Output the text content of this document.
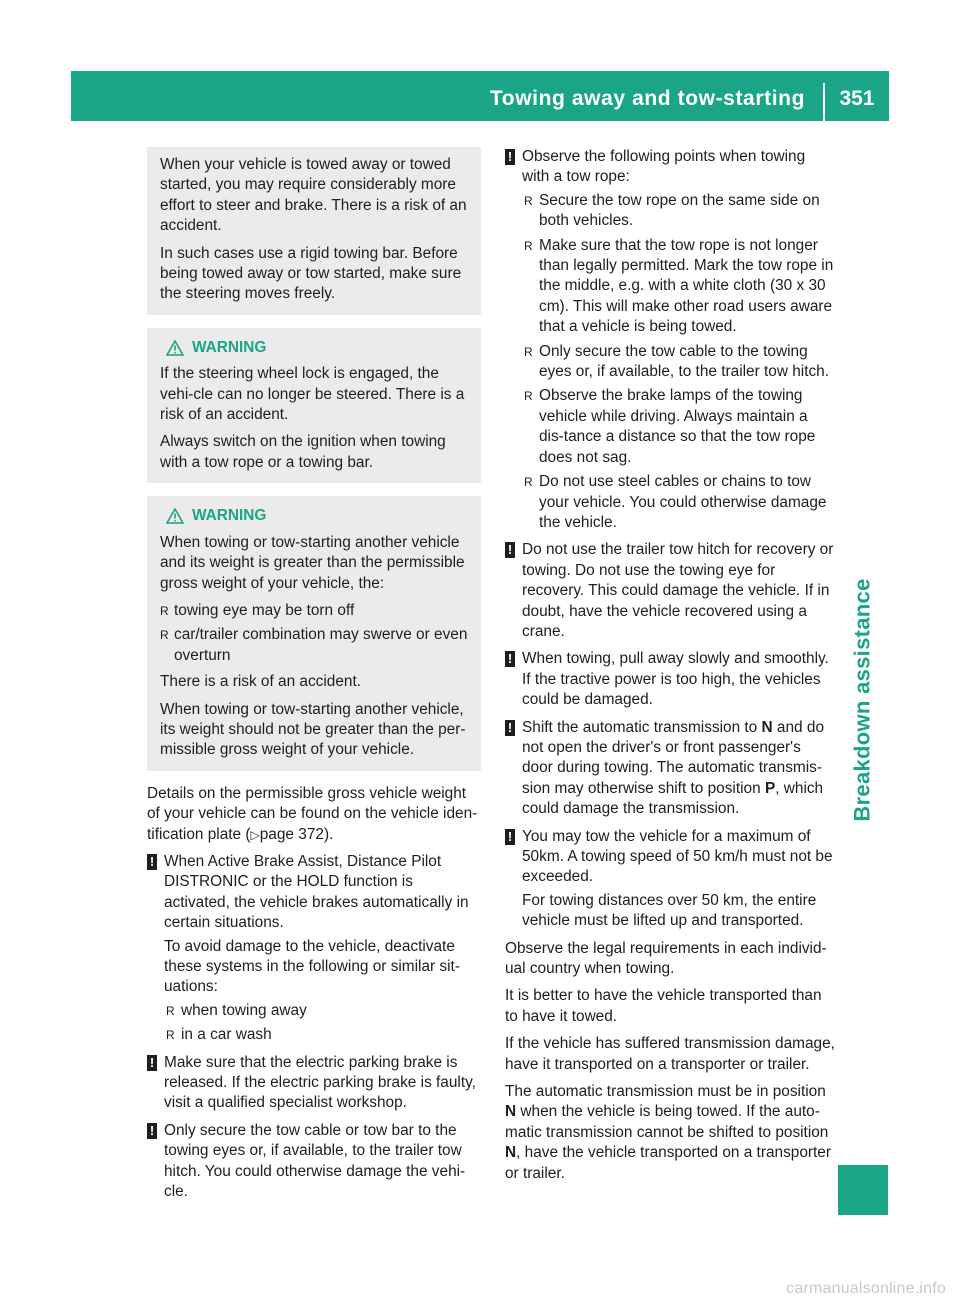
Towing away and tow-starting	351
Breakdown assistance

When your vehicle is towed away or towed started, you may require considerably more effort to steer and brake. There is a risk of an accident.

In such cases use a rigid towing bar. Before being towed away or tow started, make sure the steering moves freely.

WARNING

If the steering wheel lock is engaged, the vehi-cle can no longer be steered. There is a risk of an accident.

Always switch on the ignition when towing with a tow rope or a towing bar.

WARNING

When towing or tow-starting another vehicle and its weight is greater than the permissible gross weight of your vehicle, the:

R towing eye may be torn off
R car/trailer combination may swerve or even overturn

There is a risk of an accident.

When towing or tow-starting another vehicle, its weight should not be greater than the per-missible gross weight of your vehicle.

Details on the permissible gross vehicle weight of your vehicle can be found on the vehicle iden-tification plate (▷page 372).

! When Active Brake Assist, Distance Pilot DISTRONIC or the HOLD function is activated, the vehicle brakes automatically in certain situations.
To avoid damage to the vehicle, deactivate these systems in the following or similar sit-uations:
R when towing away
R in a car wash
! Make sure that the electric parking brake is released. If the electric parking brake is faulty, visit a qualified specialist workshop.
! Only secure the tow cable or tow bar to the towing eyes or, if available, to the trailer tow hitch. You could otherwise damage the vehi-cle.
! Observe the following points when towing with a tow rope:
R Secure the tow rope on the same side on both vehicles.
R Make sure that the tow rope is not longer than legally permitted. Mark the tow rope in the middle, e.g. with a white cloth (30 x 30 cm). This will make other road users aware that a vehicle is being towed.
R Only secure the tow cable to the towing eyes or, if available, to the trailer tow hitch.
R Observe the brake lamps of the towing vehicle while driving. Always maintain a dis-tance a distance so that the tow rope does not sag.
R Do not use steel cables or chains to tow your vehicle. You could otherwise damage the vehicle.
! Do not use the trailer tow hitch for recovery or towing. Do not use the towing eye for recovery. This could damage the vehicle. If in doubt, have the vehicle recovered using a crane.
! When towing, pull away slowly and smoothly. If the tractive power is too high, the vehicles could be damaged.
! Shift the automatic transmission to N and do not open the driver's or front passenger's door during towing. The automatic transmis-sion may otherwise shift to position P, which could damage the transmission.
! You may tow the vehicle for a maximum of 50km. A towing speed of 50 km/h must not be exceeded.
For towing distances over 50 km, the entire vehicle must be lifted up and transported.

Observe the legal requirements in each individ-ual country when towing.

It is better to have the vehicle transported than to have it towed.

If the vehicle has suffered transmission damage, have it transported on a transporter or trailer.

The automatic transmission must be in position N when the vehicle is being towed. If the auto-matic transmission cannot be shifted to position N, have the vehicle transported on a transporter or trailer.

carmanualsonline.info
